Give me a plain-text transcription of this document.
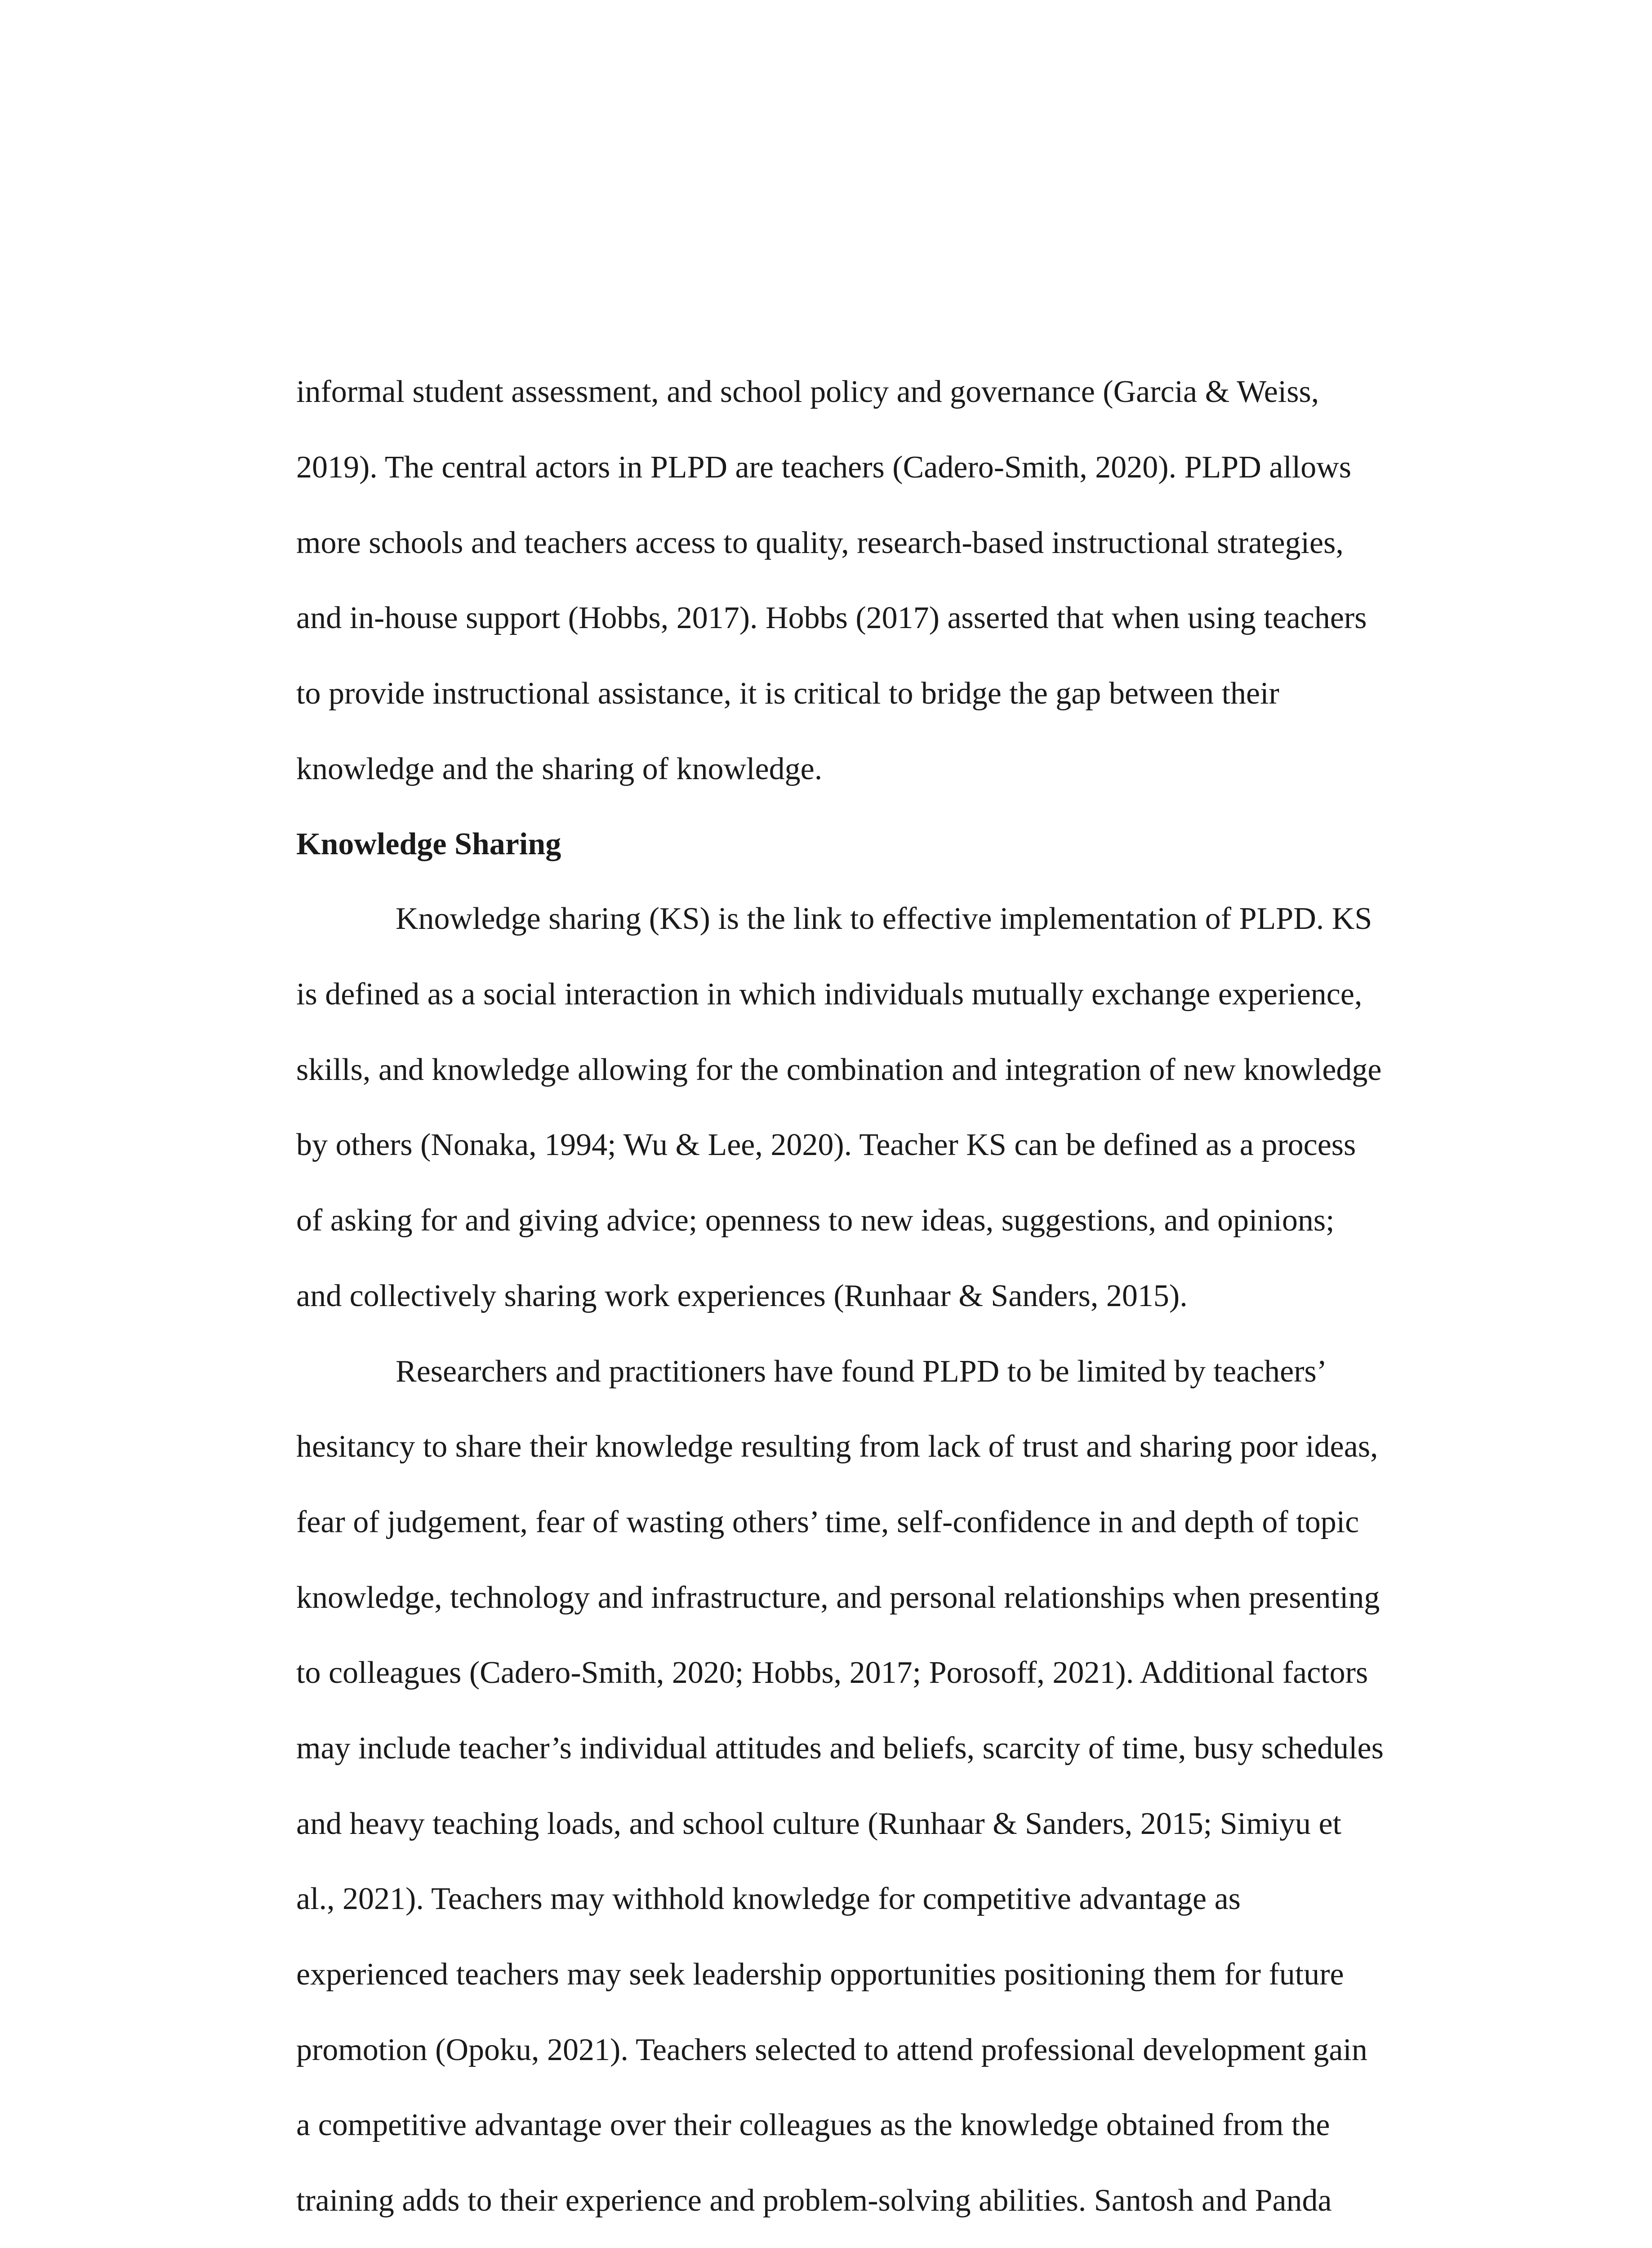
informal student assessment, and school policy and governance (Garcia & Weiss,
2019). The central actors in PLPD are teachers (Cadero-Smith, 2020). PLPD allows
more schools and teachers access to quality, research-based instructional strategies,
and in-house support (Hobbs, 2017). Hobbs (2017) asserted that when using teachers
to provide instructional assistance, it is critical to bridge the gap between their
knowledge and the sharing of knowledge.
Knowledge Sharing
Knowledge sharing (KS) is the link to effective implementation of PLPD. KS
is defined as a social interaction in which individuals mutually exchange experience,
skills, and knowledge allowing for the combination and integration of new knowledge
by others (Nonaka, 1994; Wu & Lee, 2020). Teacher KS can be defined as a process
of asking for and giving advice; openness to new ideas, suggestions, and opinions;
and collectively sharing work experiences (Runhaar & Sanders, 2015).
Researchers and practitioners have found PLPD to be limited by teachers’
hesitancy to share their knowledge resulting from lack of trust and sharing poor ideas,
fear of judgement, fear of wasting others’ time, self-confidence in and depth of topic
knowledge, technology and infrastructure, and personal relationships when presenting
to colleagues (Cadero-Smith, 2020; Hobbs, 2017; Porosoff, 2021). Additional factors
may include teacher’s individual attitudes and beliefs, scarcity of time, busy schedules
and heavy teaching loads, and school culture (Runhaar & Sanders, 2015; Simiyu et
al., 2021). Teachers may withhold knowledge for competitive advantage as
experienced teachers may seek leadership opportunities positioning them for future
promotion (Opoku, 2021). Teachers selected to attend professional development gain
a competitive advantage over their colleagues as the knowledge obtained from the
training adds to their experience and problem-solving abilities. Santosh and Panda
